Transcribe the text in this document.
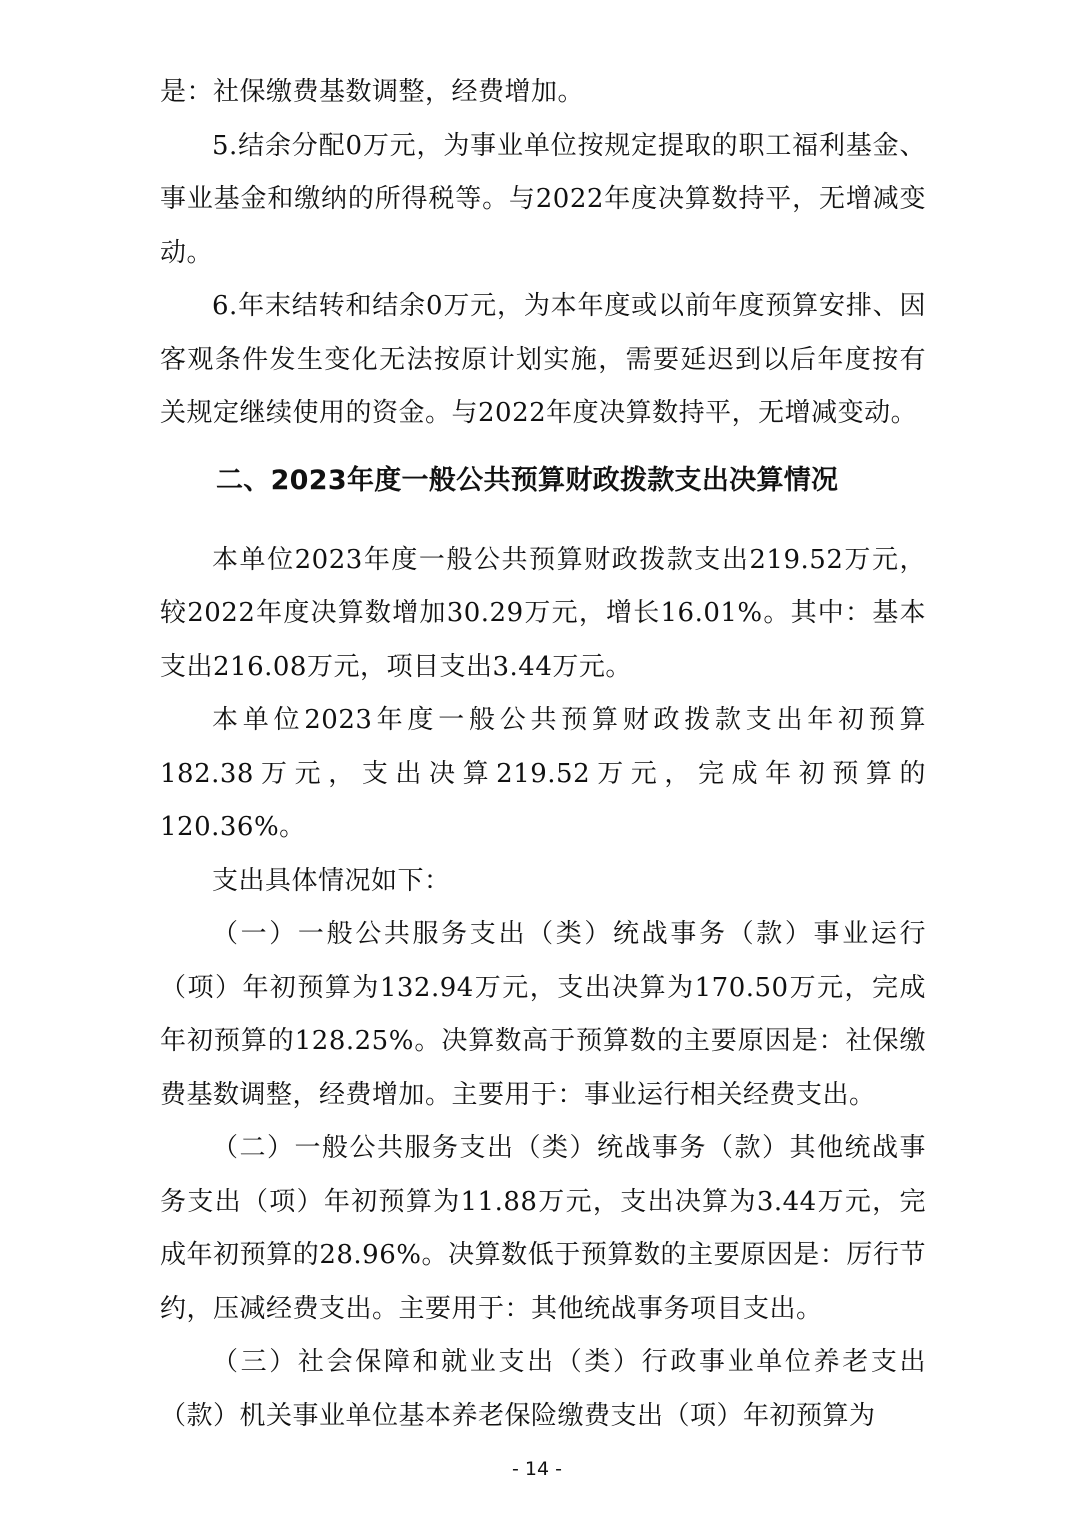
是：社保缴费基数调整，经费增加。

5.结余分配0万元，为事业单位按规定提取的职工福利基金、事业基金和缴纳的所得税等。与2022年度决算数持平，无增减变动。

6.年末结转和结余0万元，为本年度或以前年度预算安排、因客观条件发生变化无法按原计划实施，需要延迟到以后年度按有关规定继续使用的资金。与2022年度决算数持平，无增减变动。

二、2023年度一般公共预算财政拨款支出决算情况

本单位2023年度一般公共预算财政拨款支出219.52万元，较2022年度决算数增加30.29万元，增长16.01%。其中：基本支出216.08万元，项目支出3.44万元。

本单位2023年度一般公共预算财政拨款支出年初预算182.38万元，支出决算219.52万元，完成年初预算的120.36%。

支出具体情况如下：

（一）一般公共服务支出（类）统战事务（款）事业运行（项）年初预算为132.94万元，支出决算为170.50万元，完成年初预算的128.25%。决算数高于预算数的主要原因是：社保缴费基数调整，经费增加。主要用于：事业运行相关经费支出。

（二）一般公共服务支出（类）统战事务（款）其他统战事务支出（项）年初预算为11.88万元，支出决算为3.44万元，完成年初预算的28.96%。决算数低于预算数的主要原因是：厉行节约，压减经费支出。主要用于：其他统战事务项目支出。

（三）社会保障和就业支出（类）行政事业单位养老支出（款）机关事业单位基本养老保险缴费支出（项）年初预算为

- 14 -
